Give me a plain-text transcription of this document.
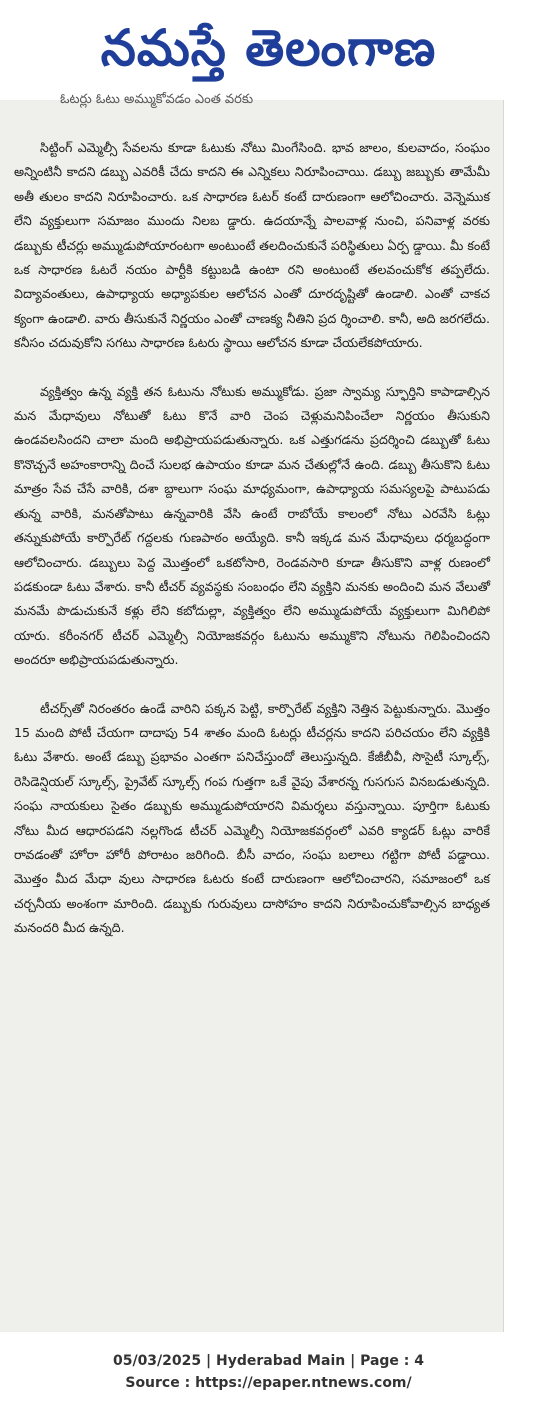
నమస్తే తెలంగాణ
ఓటర్లు ఓటు అమ్ముకోవడం ఎంత వరకు

సిట్టింగ్ ఎమ్మెల్సీ సేవలను కూడా ఓటుకు నోటు మింగేసింది. భావ జాలం, కులవాదం, సంఘం అన్నింటినీ కాదని డబ్బు ఎవరికీ చేదు కాదని ఈ ఎన్నికలు నిరూపించాయి. డబ్బు జబ్బుకు తామేమీ అతీ తులం కాదని నిరూపించారు. ఒక సాధారణ ఓటర్ కంటే దారుణంగా ఆలోచించారు. వెన్నెముక లేని వ్యక్తులుగా సమాజం ముందు నిలబ డ్డారు. ఉదయాన్నే పాలవాళ్ల నుంచి, పనివాళ్ల వరకు డబ్బుకు టీచర్లు అమ్ముడుపోయారంటగా అంటుంటే తలదించుకునే పరిస్థితులు ఏర్ప డ్డాయి. మీ కంటే ఒక సాధారణ ఓటరే నయం పార్టీకి కట్టుబడి ఉంటా రని అంటుంటే తలవంచుకోక తప్పలేదు. విద్యావంతులు, ఉపాధ్యాయ అధ్యాపకుల ఆలోచన ఎంతో దూరదృష్టితో ఉండాలి. ఎంతో చాకచ క్యంగా ఉండాలి. వారు తీసుకునే నిర్ణయం ఎంతో చాణక్య నీతిని ప్రద ర్శించాలి. కానీ, అది జరగలేదు. కనీసం చదువుకోని సగటు సాధారణ ఓటరు స్థాయి ఆలోచన కూడా చేయలేకపోయారు.

వ్యక్తిత్వం ఉన్న వ్యక్తి తన ఓటును నోటుకు అమ్ముకోడు. ప్రజా స్వామ్య స్ఫూర్తిని కాపాడాల్సిన మన మేధావులు నోటుతో ఓటు కొనే వారి చెంప చెళ్లుమనిపించేలా నిర్ణయం తీసుకుని ఉండవలసిందని చాలా మంది అభిప్రాయపడుతున్నారు. ఒక ఎత్తుగడను ప్రదర్శించి డబ్బుతో ఓటు కొనొచ్చనే అహంకారాన్ని దించే సులభ ఉపాయం కూడా మన చేతుల్లోనే ఉంది. డబ్బు తీసుకొని ఓటు మాత్రం సేవ చేసే వారికి, దశా బ్దాలుగా సంఘ మాధ్యమంగా, ఉపాధ్యాయ సమస్యలపై పాటుపడు తున్న వారికి, మనతోపాటు ఉన్నవారికి వేసి ఉంటే రాబోయే కాలంలో నోటు ఎరవేసి ఓట్లు తన్నుకుపోయే కార్పొరేట్ గద్దలకు గుణపాఠం అయ్యేది. కానీ ఇక్కడ మన మేధావులు ధర్మబద్ధంగా ఆలోచించారు. డబ్బులు పెద్ద మొత్తంలో ఒకటోసారి, రెండవసారి కూడా తీసుకొని వాళ్ల రుణంలో పడకుండా ఓటు వేశారు. కానీ టీచర్ వ్యవస్థకు సంబంధం లేని వ్యక్తిని మనకు అందించి మన వేలుతో మనమే పొడుచుకునే కళ్లు లేని కబోదుల్లా, వ్యక్తిత్వం లేని అమ్ముడుపోయే వ్యక్తులుగా మిగిలిపో యారు. కరీంనగర్ టీచర్ ఎమ్మెల్సీ నియోజకవర్గం ఓటును అమ్ముకొని నోటును గెలిపించిందని అందరూ అభిప్రాయపడుతున్నారు.

టీచర్స్‌తో నిరంతరం ఉండే వారిని పక్కన పెట్టి, కార్పొరేట్ వ్యక్తిని నెత్తిన పెట్టుకున్నారు. మొత్తం 15 మంది పోటీ చేయగా దాదాపు 54 శాతం మంది ఓటర్లు టీచర్లను కాదని పరిచయం లేని వ్యక్తికి ఓటు వేశారు. అంటే డబ్బు ప్రభావం ఎంతగా పనిచేస్తుందో తెలుస్తున్నది. కేజీబీవీ, సొసైటీ స్కూల్స్, రెసిడెన్షియల్ స్కూల్స్, ప్రైవేట్ స్కూల్స్ గంప గుత్తగా ఒకే వైపు వేశారన్న గుసగుస వినబడుతున్నది. సంఘ నాయకులు సైతం డబ్బుకు అమ్ముడుపోయారని విమర్శలు వస్తున్నాయి. పూర్తిగా ఓటుకు నోటు మీద ఆధారపడని నల్లగొండ టీచర్ ఎమ్మెల్సీ నియోజకవర్గంలో ఎవరి క్యాడర్ ఓట్లు వారికే రావడంతో హోరా హోరీ పోరాటం జరిగింది. బీసీ వాదం, సంఘ బలాలు గట్టిగా పోటీ పడ్డాయి. మొత్తం మీద మేధా వులు సాధారణ ఓటరు కంటే దారుణంగా ఆలోచించారని, సమాజంలో ఒక చర్చనీయ అంశంగా మారింది. డబ్బుకు గురువులు దాసోహం కాదని నిరూపించుకోవాల్సిన బాధ్యత మనందరి మీద ఉన్నది.

05/03/2025 | Hyderabad Main | Page : 4
Source : https://epaper.ntnews.com/
